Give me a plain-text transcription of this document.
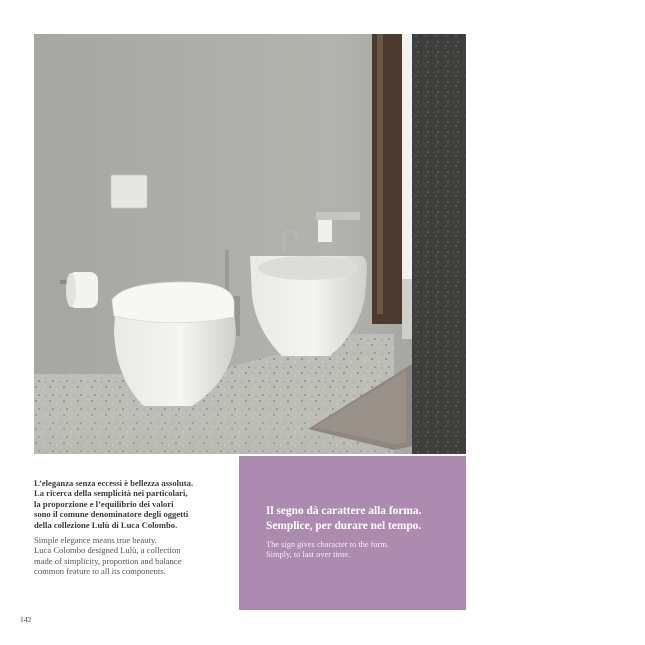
L’eleganza senza eccessi è bellezza assoluta.
La ricerca della semplicità nei particolari,
la proporzione e l’equilibrio dei valori
sono il comune denominatore degli oggetti
della collezione Lulù di Luca Colombo.

Simple elegance means true beauty.
Luca Colombo designed Lulù, a collection
made of simplicity, proportion and balance
common feature to all its components.

Il segno dà carattere alla forma.
Semplice, per durare nel tempo.

The sign gives character to the form.
Simply, to last over time.

142
